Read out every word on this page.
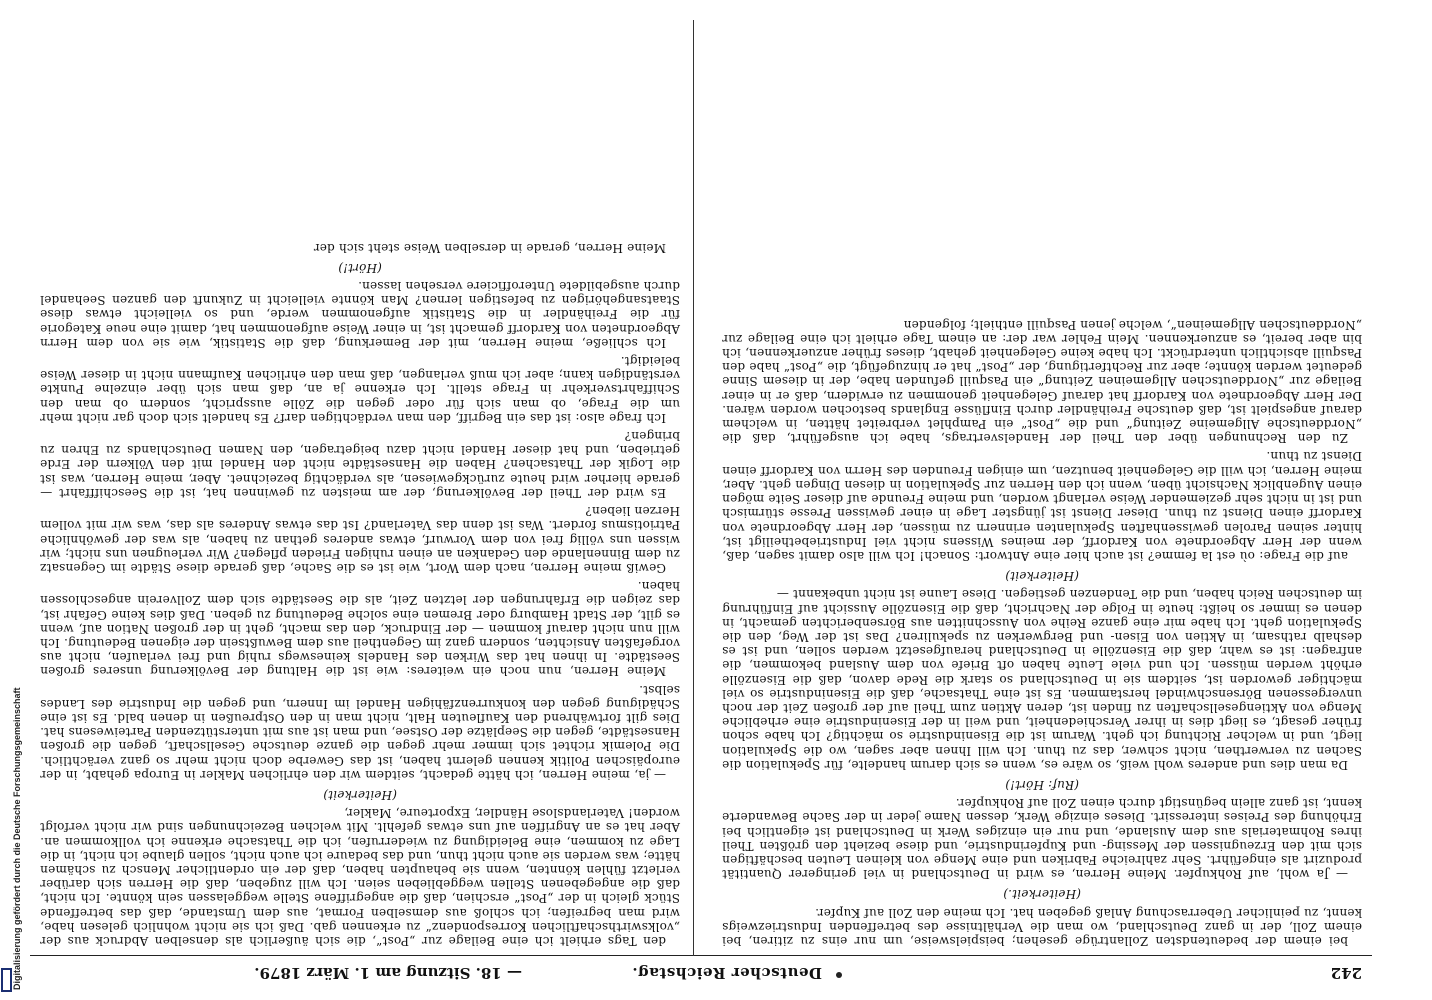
242
Deutscher Reichstag.
— 18. Sitzung am 1. März 1879.

bei einem der bedeutendsten Zollantrüge gesehen; beispielsweise, um nur eins zu zitiren, bei einem Zoll, der in ganz Deutschland, wo man die Verhältnisse des betreffenden Industriezweigs kennt, zu peinlicher Ueberraschung Anlaß gegeben hat. Ich meine den Zoll auf Kupfer.

(Heiterkeit.)

— Ja wohl, auf Rohkupfer. Meine Herren, es wird in Deutschland in viel geringerer Quantität produzirt als eingeführt. Sehr zahlreiche Fabriken und eine Menge von kleinen Leuten beschäftigen sich mit den Erzeugnissen der Messing- und Kupferindustrie, und diese bezieht den größten Theil ihres Rohmaterials aus dem Auslande, und nur ein einziges Werk in Deutschland ist eigentlich bei Erhöhung des Preises interessirt. Dieses einzige Werk, dessen Name jeder in der Sache Bewanderte kennt, ist ganz allein begünstigt durch einen Zoll auf Rohkupfer.

(Ruf: Hört!)

Da man dies und anderes wohl weiß, so wäre es, wenn es sich darum handelte, für Spekulation die Sachen zu verwerthen, nicht schwer, das zu thun. Ich will Ihnen aber sagen, wo die Spekulation liegt, und in welcher Richtung ich geht. Warum ist die Eisenindustrie so mächtig? Ich habe schon früher gesagt, es liegt dies in ihrer Verschiedenheit, und weil in der Eisenindustrie eine erhebliche Menge von Aktiengesellschaften zu finden ist, deren Aktien zum Theil auf der großen Zeit der noch unvergessenen Börsenschwindel herstammen. Es ist eine Thatsache, daß die Eisenindustrie so viel mächtiger geworden ist, seitdem sie in Deutschland so stark die Rede davon, daß die Eisenzölle erhöht werden müssen. Ich und viele Leute haben oft Briefe von dem Ausland bekommen, die anfragen: ist es wahr, daß die Eisenzölle in Deutschland heraufgesetzt werden sollen, und ist es deshalb rathsam, in Aktien von Eisen- und Bergwerken zu spekuliren? Das ist der Weg, den die Spekulation geht. Ich habe mir eine ganze Reihe von Ausschnitten aus Börsenberichten gemacht, in denen es immer so heißt: heute in Folge der Nachricht, daß die Eisenzölle Aussicht auf Einführung im deutschen Reich haben, und die Tendenzen gestiegen. Diese Laune ist nicht unbekannt —

(Heiterkeit)

auf die Frage: où est la femme? ist auch hier eine Antwort: Sonach! Ich will also damit sagen, daß, wenn der Herr Abgeordnete von Kardorff, der meines Wissens nicht viel Industriebetheiligt ist, hinter seinen Parolen gewissenhaften Spekulanten erinnern zu müssen, der Herr Abgeordnete von Kardorff einen Dienst zu thun. Dieser Dienst ist jüngster Lage in einer gewissen Presse stürmisch und ist in nicht sehr geziemender Weise verlangt worden, und meine Freunde auf dieser Seite mögen einen Augenblick Nachsicht üben, wenn ich den Herren zur Spekulation in diesen Dingen geht. Aber, meine Herren, ich will die Gelegenheit benutzen, um einigen Freunden des Herrn von Kardorff einen Dienst zu thun.

Zu den Rechnungen über den Theil der Handelsvertrags, habe ich ausgeführt, daß die „Norddeutsche Allgemeine Zeitung“ und die „Post“ ein Pamphlet verbreitet hätten, in welchem darauf angespielt ist, daß deutsche Freihändler durch Einflüsse Englands bestochen worden wären. Der Herr Abgeordnete von Kardorff hat darauf Gelegenheit genommen zu erwidern, daß er in einer Beilage zur „Norddeutschen Allgemeinen Zeitung“ ein Pasquill gefunden habe, der in diesem Sinne gedeutet werden könnte; aber zur Rechtfertigung, der „Post“ hat er hinzugefügt, die „Post“ habe den Pasquill absichtlich unterdrückt. Ich habe keine Gelegenheit gehabt, dieses früher anzuerkennen, ich bin aber bereit, es anzuerkennen. Mein Fehler war der: an einem Tage erhielt ich eine Beilage zur „Norddeutschen Allgemeinen“, welche jenen Pasquill enthielt; folgenden

den Tags erhielt ich eine Beilage zur „Post“, die sich äußerlich als denselben Abdruck aus der „volkswirthschaftlichen Korrespondenz“ zu erkennen gab. Daß ich sie nicht wohnlich gelesen habe, wird man begreifen; ich schloß aus demselben Format, aus dem Umstande, daß das betreffende Stück gleich in der „Post“ erschien, daß die angegriffene Stelle weggelassen sein könnte. Ich nicht, daß die angegebenen Stellen weggeblieben seien. Ich will zugeben, daß die Herren sich darüber verletzt fühlen könnten, wenn sie behaupten haben, daß der ein ordentlicher Mensch zu schämen hätte; was werden sie auch nicht thun, und das bedaure ich auch nicht, sollen glaube ich nicht, in die Lage zu kommen, eine Beleidigung zu wiederrufen, ich die Thatsache erkenne ich vollkommen an. Aber hat es an Angriffen auf uns etwas gefehlt. Mit welchen Bezeichnungen sind wir nicht verfolgt worden! Vaterlandslose Händler, Exporteure, Makler,

(Heiterkeit)

— ja, meine Herren, ich hätte gedacht, seitdem wir den ehrlichen Makler in Europa gehabt, in der europäischen Politik kennen gelernt haben, ist das Gewerbe doch nicht mehr so ganz verächtlich. Die Polemik richtet sich immer mehr gegen die ganze deutsche Gesellschaft, gegen die großen Hansestädte, gegen die Seeplätze der Ostsee, und man ist aus mit unterstützenden Parteiwesens hat. Dies gilt fortwährend den Kaufleuten Halt, nicht man in den Ostpreußen in denen bald. Es ist eine Schädigung gegen den konkurrenzfähigen Handel im Innern, und gegen die Industrie des Landes selbst.

Meine Herren, nun noch ein weiteres: wie ist die Haltung der Bevölkerung unseres großen Seestädte. In ihnen hat das Wirken des Handels keineswegs ruhig und frei verlaufen, nicht aus vorgefaßten Ansichten, sondern ganz im Gegentheil aus dem Bewußtsein der eigenen Bedeutung. Ich will nun nicht darauf kommen — der Eindruck, den das macht, geht in der großen Nation auf, wenn es gilt, der Stadt Hamburg oder Bremen eine solche Bedeutung zu geben. Daß dies keine Gefahr ist, das zeigen die Erfahrungen der letzten Zeit, als die Seestädte sich dem Zollverein angeschlossen haben.

Gewiß meine Herren, nach dem Wort, wie ist es die Sache, daß gerade diese Städte im Gegensatz zu dem Binnenlande den Gedanken an einen ruhigen Frieden pflegen? Wir verleugnen uns nicht; wir wissen uns völlig frei von dem Vorwurf, etwas anderes gethan zu haben, als was der gewöhnliche Patriotismus fordert. Was ist denn das Vaterland? Ist das etwas Anderes als das, was wir mit vollem Herzen lieben?

Es wird der Theil der Bevölkerung, der am meisten zu gewinnen hat, ist die Seeschifffahrt — gerade hierher wird heute zurückgewiesen, als verdächtig bezeichnet. Aber, meine Herren, was ist die Logik der Thatsachen? Haben die Hansestädte nicht den Handel mit den Völkern der Erde getrieben, und hat dieser Handel nicht dazu beigetragen, den Namen Deutschlands zu Ehren zu bringen?

Ich frage also: ist das ein Begriff, den man verdächtigen darf? Es handelt sich doch gar nicht mehr um die Frage, ob man sich für oder gegen die Zölle ausspricht, sondern ob man den Schiffahrtsverkehr in Frage stellt. Ich erkenne ja an, daß man sich über einzelne Punkte verständigen kann; aber ich muß verlangen, daß man den ehrlichen Kaufmann nicht in dieser Weise beleidigt.

Ich schließe, meine Herren, mit der Bemerkung, daß die Statistik, wie sie von dem Herrn Abgeordneten von Kardorff gemacht ist, in einer Weise aufgenommen hat, damit eine neue Kategorie für die Freihändler in die Statistik aufgenommen werde, und so vielleicht etwas diese Staatsangehörigen zu befestigen lernen? Man könnte vielleicht in Zukunft den ganzen Seehandel durch ausgebildete Unterofficiere versehen lassen.

(Hört!)

Meine Herren, gerade in derselben Weise steht sich der

Digitalisierung gefördert durch die Deutsche Forschungsgemeinschaft
